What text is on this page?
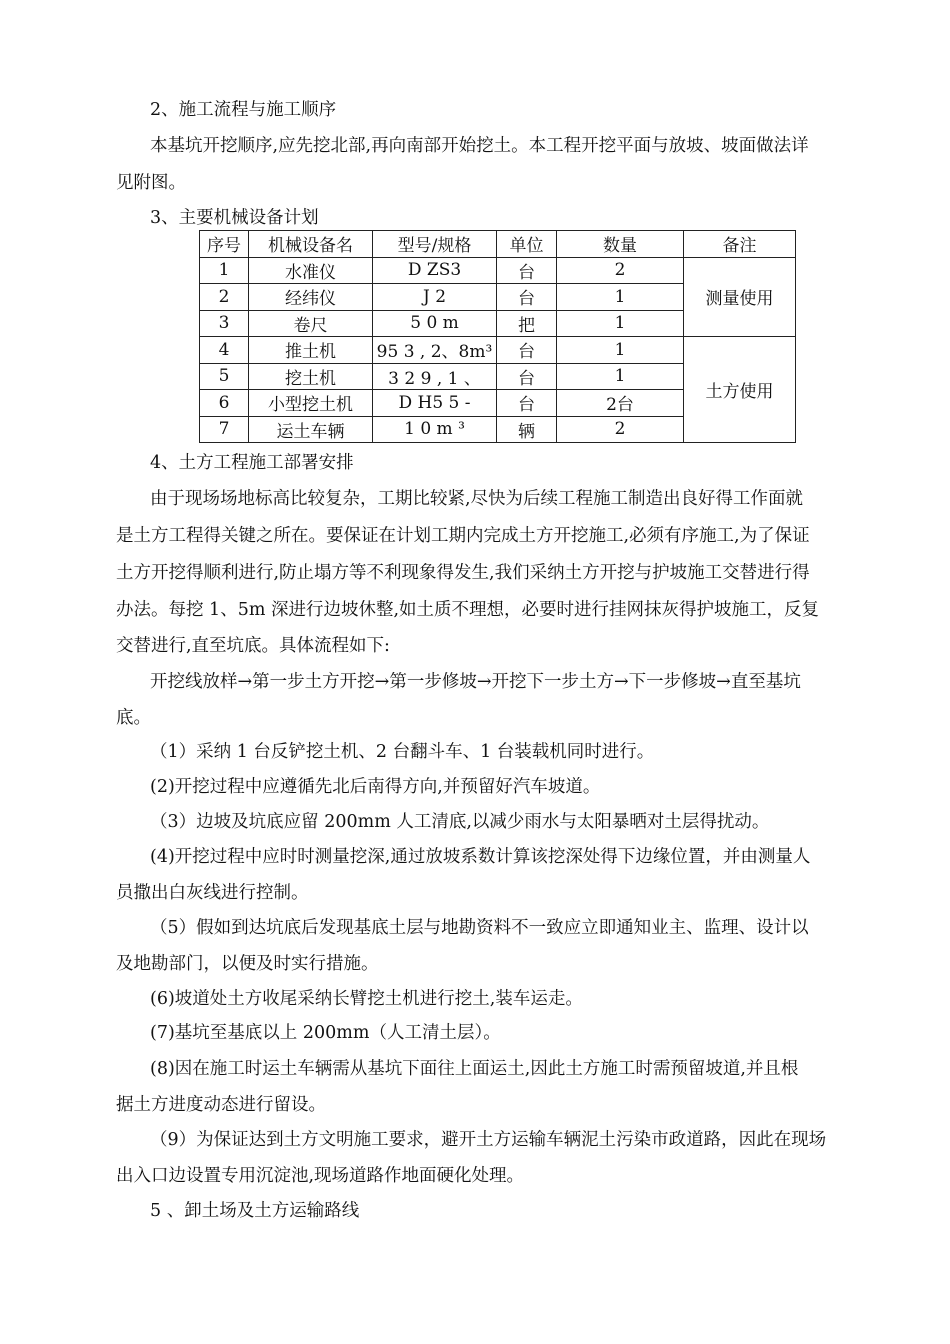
2、施工流程与施工顺序
本基坑开挖顺序,应先挖北部,再向南部开始挖土。本工程开挖平面与放坡、坡面做法详
见附图。
3、主要机械设备计划
序号	机械设备名	型号/规格	单位	数量	备注
1	水准仪	D ZS3	台	2	测量使用
2	经纬仪	J 2	台	1	
3	卷尺	5 0 m	把	1	
4	推土机	95 3 , 2、8m³	台	1	土方使用
5	挖土机	3 2 9 , 1 、	台	1	
6	小型挖土机	D H5 5 -	台	2台	
7	运土车辆	1 0 m ³	辆	2	
4、土方工程施工部署安排
由于现场场地标高比较复杂，工期比较紧,尽快为后续工程施工制造出良好得工作面就
是土方工程得关键之所在。要保证在计划工期内完成土方开挖施工,必须有序施工,为了保证
土方开挖得顺利进行,防止塌方等不利现象得发生,我们采纳土方开挖与护坡施工交替进行得
办法。每挖 1、5m 深进行边坡休整,如土质不理想，必要时进行挂网抹灰得护坡施工，反复
交替进行,直至坑底。具体流程如下:
开挖线放样→第一步土方开挖→第一步修坡→开挖下一步土方→下一步修坡→直至基坑
底。
（1）采纳 1 台反铲挖土机、2 台翻斗车、1 台装载机同时进行。
(2)开挖过程中应遵循先北后南得方向,并预留好汽车坡道。
（3）边坡及坑底应留 200mm 人工清底,以减少雨水与太阳暴晒对土层得扰动。
(4)开挖过程中应时时测量挖深,通过放坡系数计算该挖深处得下边缘位置，并由测量人
员撒出白灰线进行控制。
（5）假如到达坑底后发现基底土层与地勘资料不一致应立即通知业主、监理、设计以
及地勘部门，以便及时实行措施。
(6)坡道处土方收尾采纳长臂挖土机进行挖土,装车运走。
(7)基坑至基底以上 200mm（人工清土层）。
(8)因在施工时运土车辆需从基坑下面往上面运土,因此土方施工时需预留坡道,并且根
据土方进度动态进行留设。
（9）为保证达到土方文明施工要求，避开土方运输车辆泥土污染市政道路，因此在现场
出入口边设置专用沉淀池,现场道路作地面硬化处理。
5 、卸土场及土方运输路线
